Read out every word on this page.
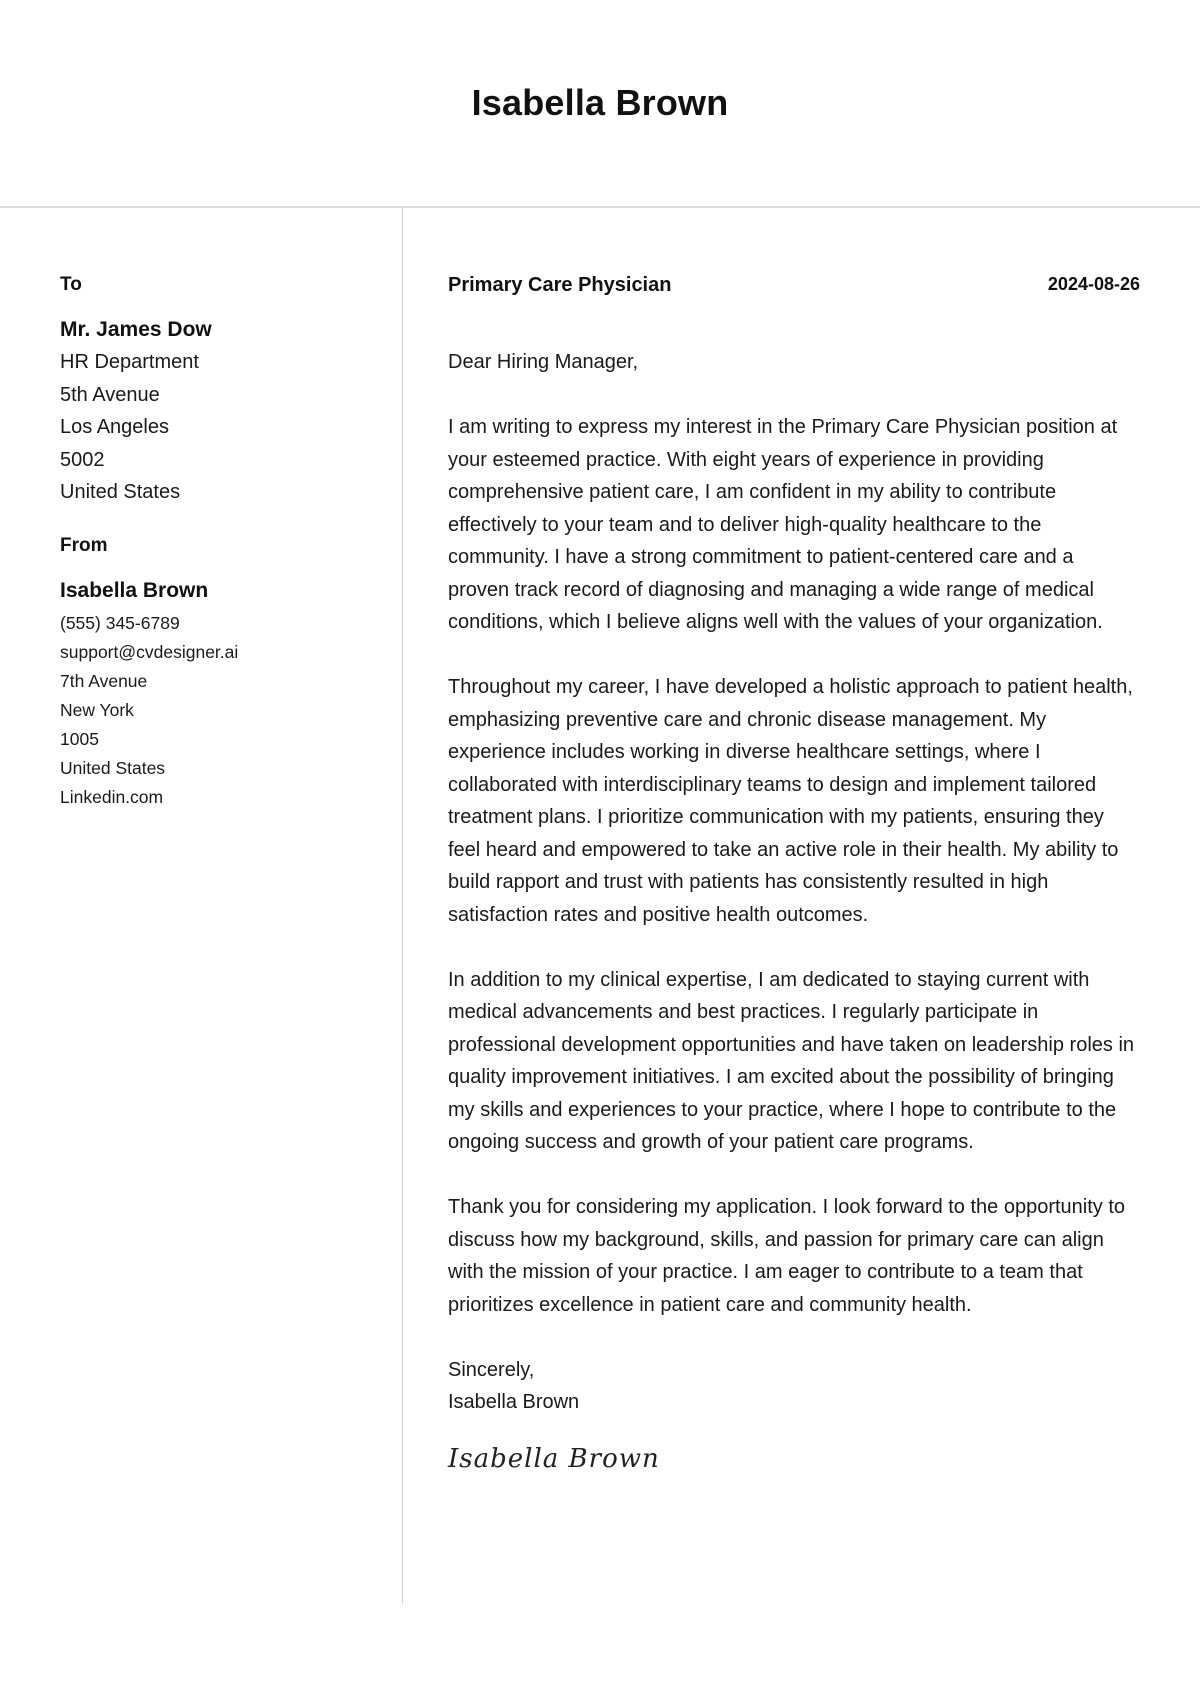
Isabella Brown
To
Mr. James Dow
HR Department
5th Avenue
Los Angeles
5002
United States
From
Isabella Brown
(555) 345-6789
support@cvdesigner.ai
7th Avenue
New York
1005
United States
Linkedin.com
Primary Care Physician	2024-08-26
Dear Hiring Manager,
I am writing to express my interest in the Primary Care Physician position at your esteemed practice. With eight years of experience in providing comprehensive patient care, I am confident in my ability to contribute effectively to your team and to deliver high-quality healthcare to the community. I have a strong commitment to patient-centered care and a proven track record of diagnosing and managing a wide range of medical conditions, which I believe aligns well with the values of your organization.
Throughout my career, I have developed a holistic approach to patient health, emphasizing preventive care and chronic disease management. My experience includes working in diverse healthcare settings, where I collaborated with interdisciplinary teams to design and implement tailored treatment plans. I prioritize communication with my patients, ensuring they feel heard and empowered to take an active role in their health. My ability to build rapport and trust with patients has consistently resulted in high satisfaction rates and positive health outcomes.
In addition to my clinical expertise, I am dedicated to staying current with medical advancements and best practices. I regularly participate in professional development opportunities and have taken on leadership roles in quality improvement initiatives. I am excited about the possibility of bringing my skills and experiences to your practice, where I hope to contribute to the ongoing success and growth of your patient care programs.
Thank you for considering my application. I look forward to the opportunity to discuss how my background, skills, and passion for primary care can align with the mission of your practice. I am eager to contribute to a team that prioritizes excellence in patient care and community health.
Sincerely,
Isabella Brown
Isabella Brown
